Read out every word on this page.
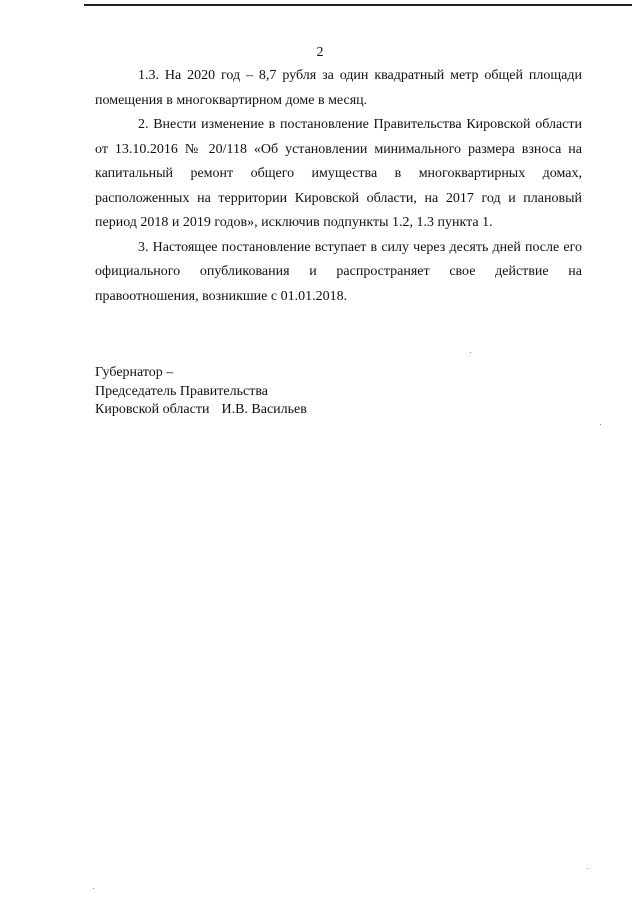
2

1.3. На 2020 год – 8,7 рубля за один квадратный метр общей площади помещения в многоквартирном доме в месяц.

2. Внести изменение в постановление Правительства Кировской области от 13.10.2016 № 20/118 «Об установлении минимального размера взноса на капитальный ремонт общего имущества в многоквартирных домах, расположенных на территории Кировской области, на 2017 год и плановый период 2018 и 2019 годов», исключив подпункты 1.2, 1.3 пункта 1.

3. Настоящее постановление вступает в силу через десять дней после его официального опубликования и распространяет свое действие на правоотношения, возникшие с 01.01.2018.

Губернатор –
Председатель Правительства
Кировской области И.В. Васильев
